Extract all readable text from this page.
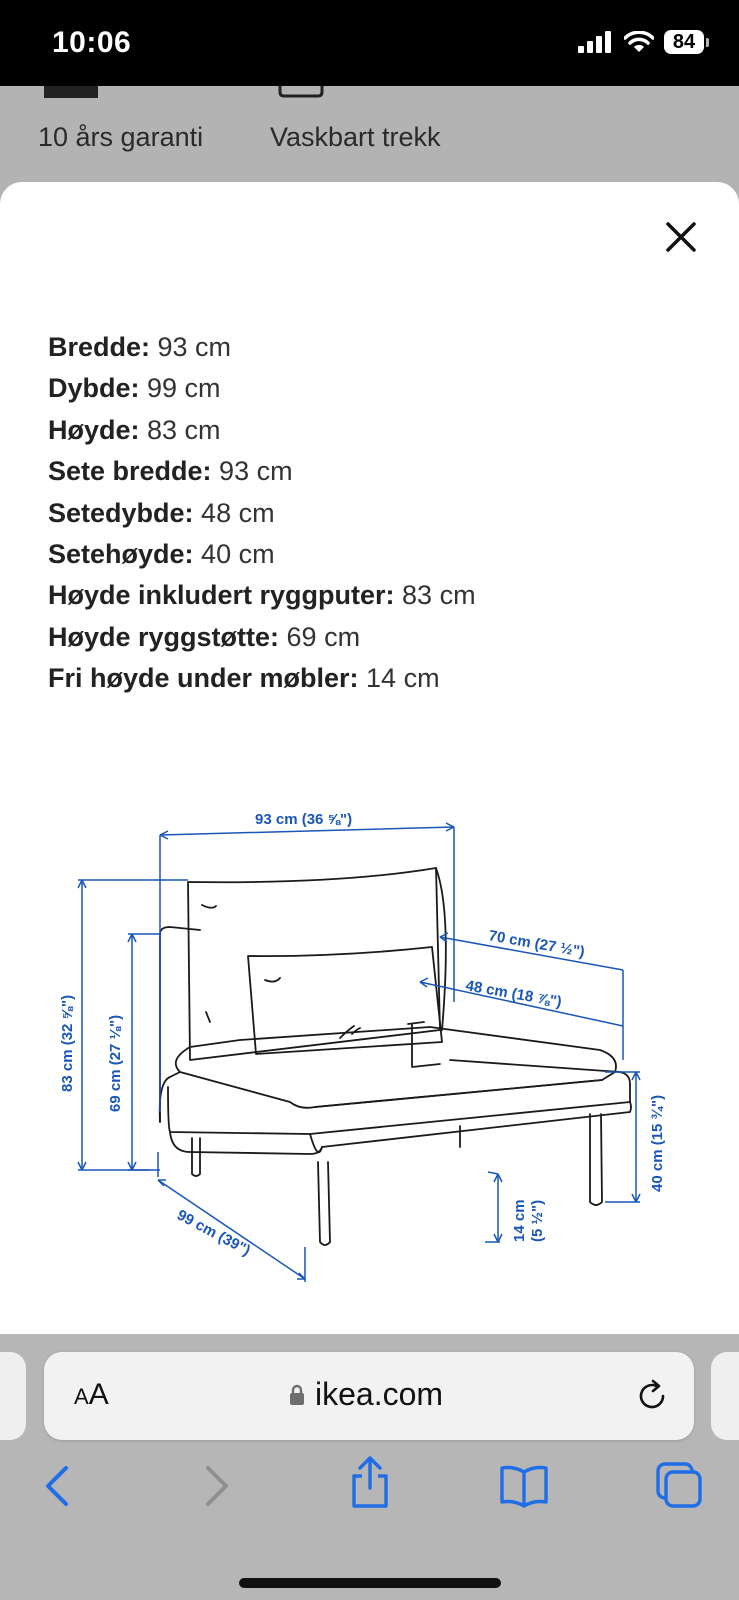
10:06	84
10 års garanti Vaskbart trekk
Bredde: 93 cm
Dybde: 99 cm
Høyde: 83 cm
Sete bredde: 93 cm
Setedybde: 48 cm
Setehøyde: 40 cm
Høyde inkludert ryggputer: 83 cm
Høyde ryggstøtte: 69 cm
Fri høyde under møbler: 14 cm
93 cm (36 ⅝")
70 cm (27 ½")
48 cm (18 ⅞")
83 cm (32 ⅝") 69 cm (27 ⅛")
40 cm (15 ¾")
99 cm (39")	14 cm (5 ½")
AA	ikea.com
